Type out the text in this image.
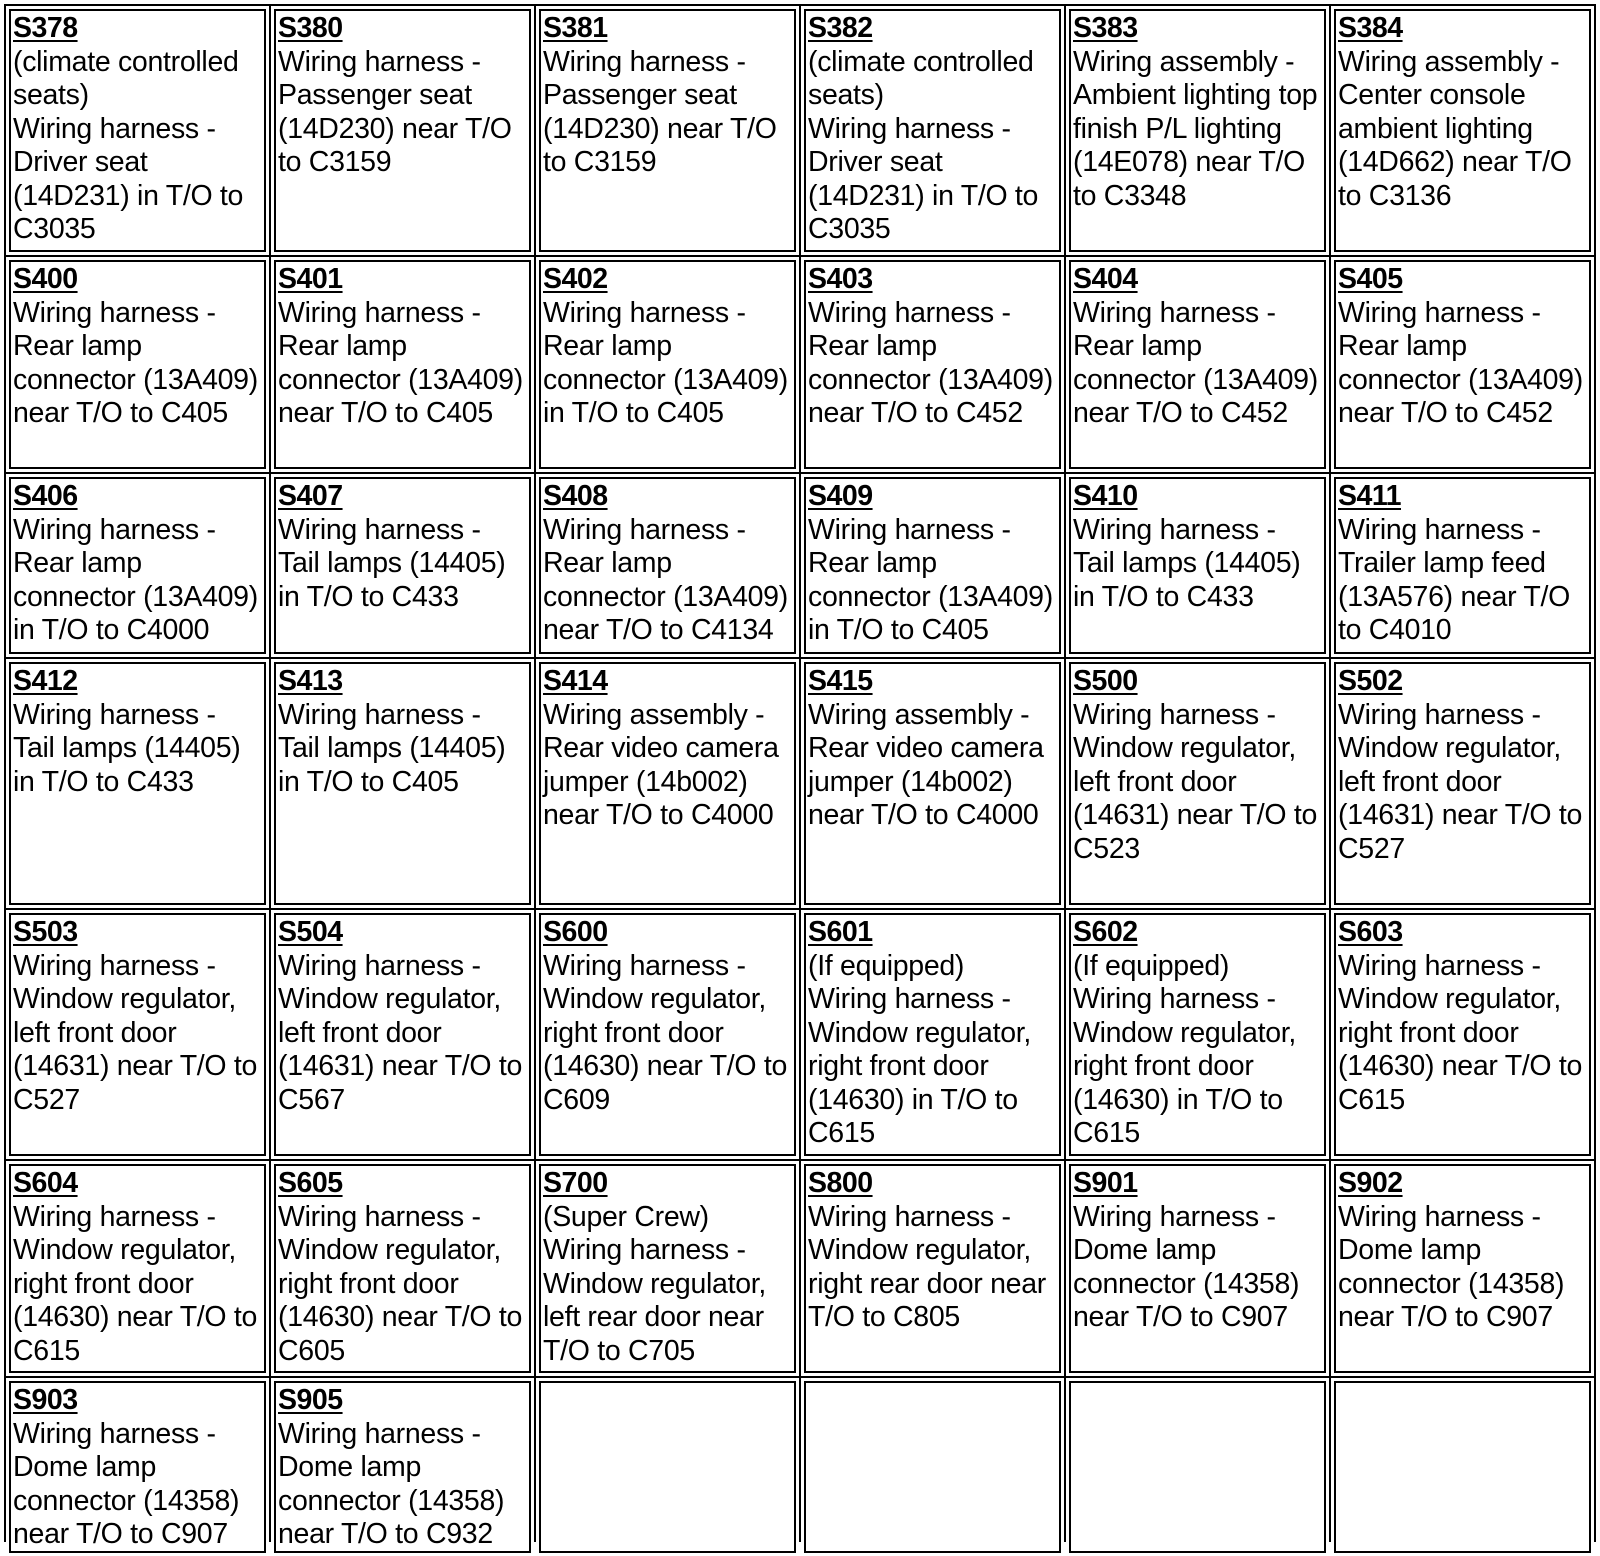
S378
(climate controlled seats)
Wiring harness - Driver seat (14D231) in T/O to C3035
S380
Wiring harness - Passenger seat (14D230) near T/O to C3159
S381
Wiring harness - Passenger seat (14D230) near T/O to C3159
S382
(climate controlled seats)
Wiring harness - Driver seat (14D231) in T/O to C3035
S383
Wiring assembly - Ambient lighting top finish P/L lighting (14E078) near T/O to C3348
S384
Wiring assembly - Center console ambient lighting (14D662) near T/O to C3136
S400
Wiring harness - Rear lamp connector (13A409) near T/O to C405
S401
Wiring harness - Rear lamp connector (13A409) near T/O to C405
S402
Wiring harness - Rear lamp connector (13A409) in T/O to C405
S403
Wiring harness - Rear lamp connector (13A409) near T/O to C452
S404
Wiring harness - Rear lamp connector (13A409) near T/O to C452
S405
Wiring harness - Rear lamp connector (13A409) near T/O to C452
S406
Wiring harness - Rear lamp connector (13A409) in T/O to C4000
S407
Wiring harness - Tail lamps (14405) in T/O to C433
S408
Wiring harness - Rear lamp connector (13A409) near T/O to C4134
S409
Wiring harness - Rear lamp connector (13A409) in T/O to C405
S410
Wiring harness - Tail lamps (14405) in T/O to C433
S411
Wiring harness - Trailer lamp feed (13A576) near T/O to C4010
S412
Wiring harness - Tail lamps (14405) in T/O to C433
S413
Wiring harness - Tail lamps (14405) in T/O to C405
S414
Wiring assembly - Rear video camera jumper (14b002) near T/O to C4000
S415
Wiring assembly - Rear video camera jumper (14b002) near T/O to C4000
S500
Wiring harness - Window regulator, left front door (14631) near T/O to C523
S502
Wiring harness - Window regulator, left front door (14631) near T/O to C527
S503
Wiring harness - Window regulator, left front door (14631) near T/O to C527
S504
Wiring harness - Window regulator, left front door (14631) near T/O to C567
S600
Wiring harness - Window regulator, right front door (14630) near T/O to C609
S601
(If equipped)
Wiring harness - Window regulator, right front door (14630) in T/O to C615
S602
(If equipped)
Wiring harness - Window regulator, right front door (14630) in T/O to C615
S603
Wiring harness - Window regulator, right front door (14630) near T/O to C615
S604
Wiring harness - Window regulator, right front door (14630) near T/O to C615
S605
Wiring harness - Window regulator, right front door (14630) near T/O to C605
S700
(Super Crew)
Wiring harness - Window regulator, left rear door near T/O to C705
S800
Wiring harness - Window regulator, right rear door near T/O to C805
S901
Wiring harness - Dome lamp connector (14358) near T/O to C907
S902
Wiring harness - Dome lamp connector (14358) near T/O to C907
S903
Wiring harness - Dome lamp connector (14358) near T/O to C907
S905
Wiring harness - Dome lamp connector (14358) near T/O to C932
